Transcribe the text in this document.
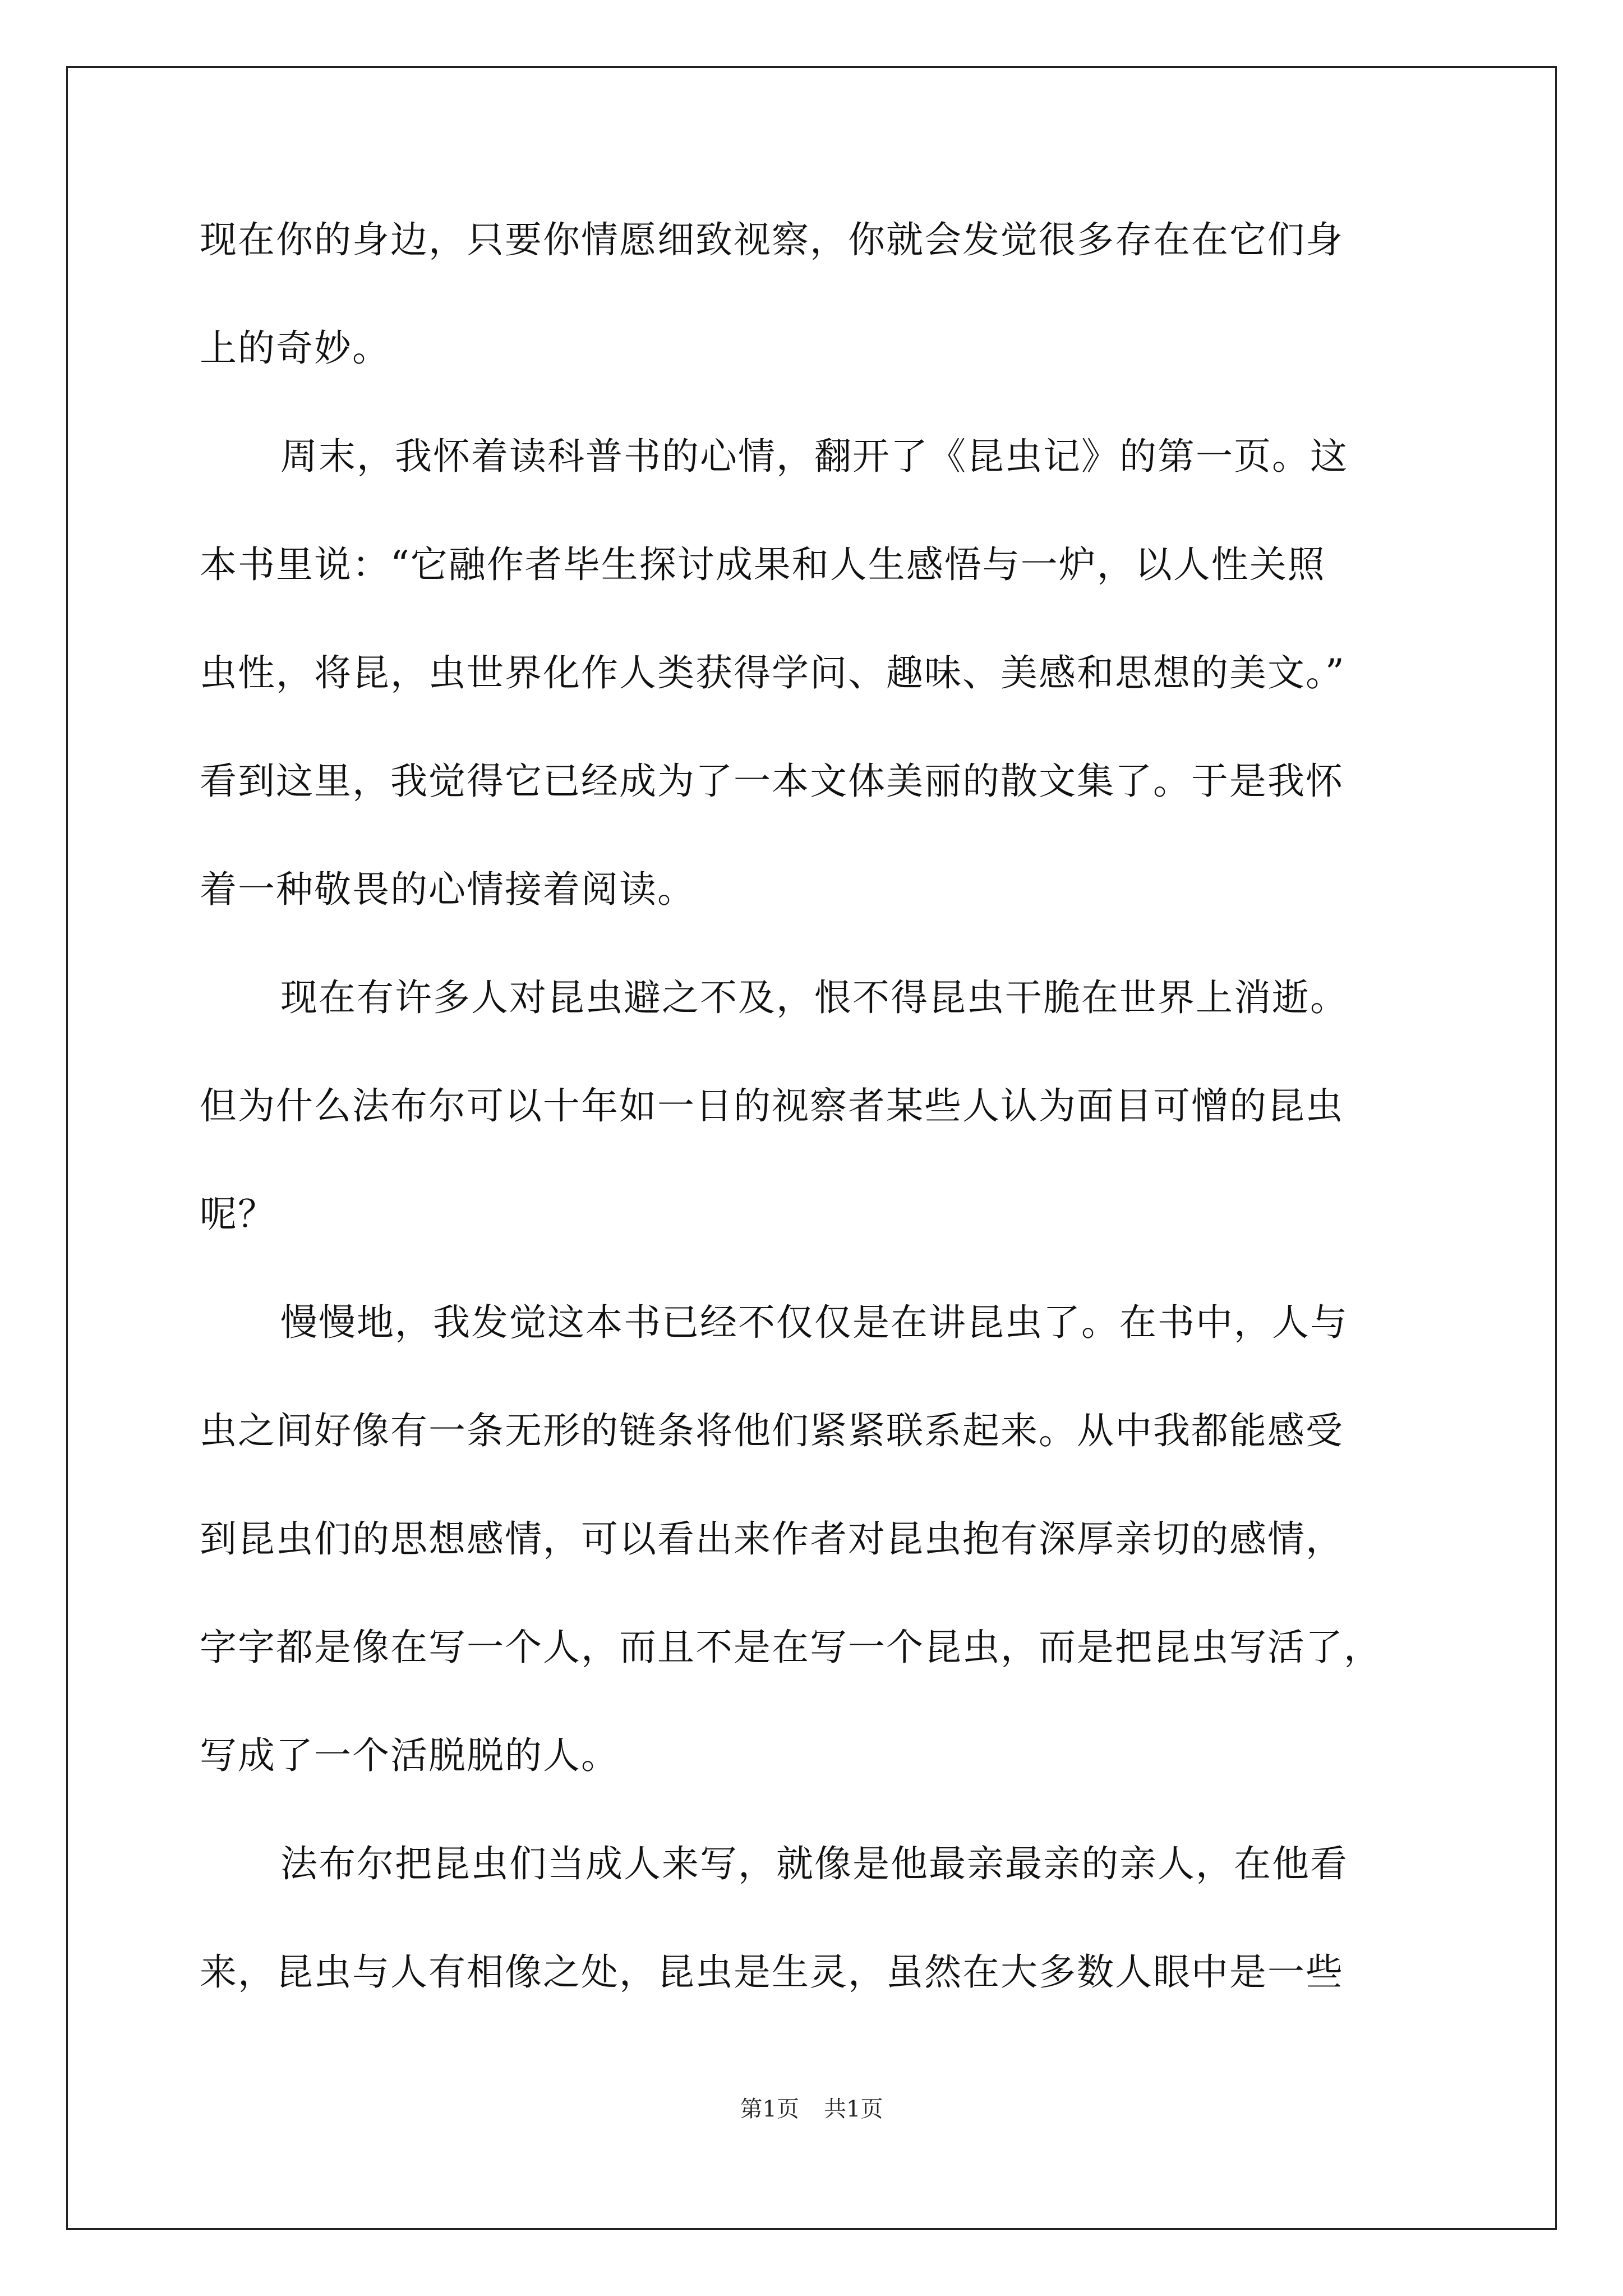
现在你的身边，只要你情愿细致视察，你就会发觉很多存在在它们身
上的奇妙。
周末，我怀着读科普书的心情，翻开了《昆虫记》的第一页。这
本书里说：“它融作者毕生探讨成果和人生感悟与一炉，以人性关照
虫性，将昆，虫世界化作人类获得学问、趣味、美感和思想的美文。”
看到这里，我觉得它已经成为了一本文体美丽的散文集了。于是我怀
着一种敬畏的心情接着阅读。
现在有许多人对昆虫避之不及，恨不得昆虫干脆在世界上消逝。
但为什么法布尔可以十年如一日的视察者某些人认为面目可憎的昆虫
呢？
慢慢地，我发觉这本书已经不仅仅是在讲昆虫了。在书中，人与
虫之间好像有一条无形的链条将他们紧紧联系起来。从中我都能感受
到昆虫们的思想感情，可以看出来作者对昆虫抱有深厚亲切的感情，
字字都是像在写一个人，而且不是在写一个昆虫，而是把昆虫写活了，
写成了一个活脱脱的人。
法布尔把昆虫们当成人来写，就像是他最亲最亲的亲人，在他看
来，昆虫与人有相像之处，昆虫是生灵，虽然在大多数人眼中是一些
第1页 共1页
